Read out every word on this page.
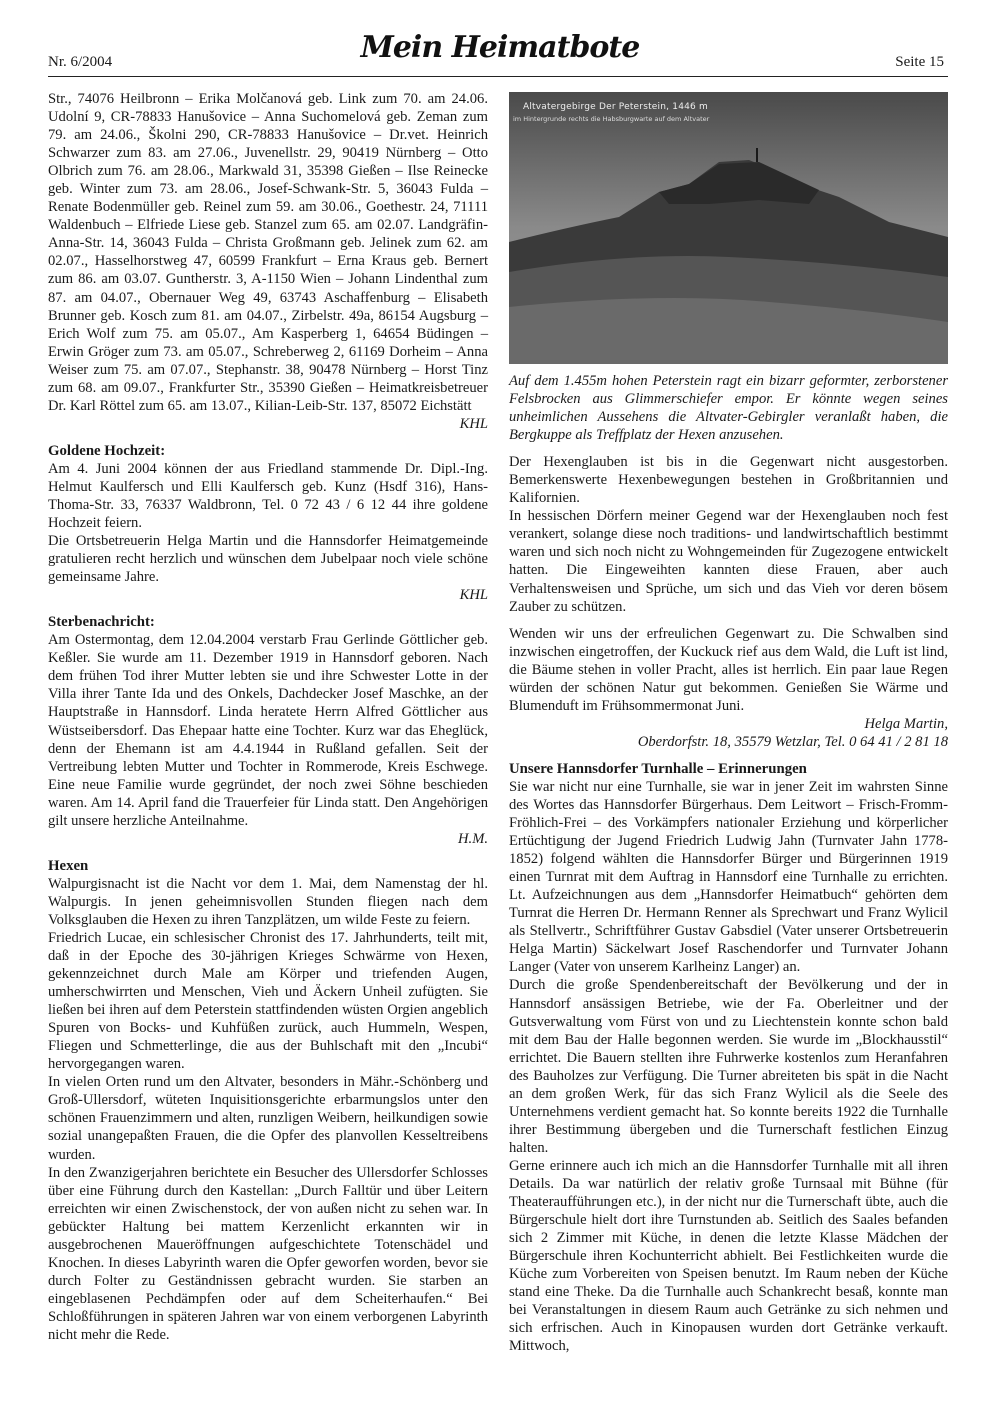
Nr. 6/2004	Mein Heimatbote	Seite 15

Str., 74076 Heilbronn – Erika Molčanová geb. Link zum 70. am 24.06. Udolní 9, CR-78833 Hanušovice – Anna Suchomelová geb. Zeman zum 79. am 24.06., Školni 290, CR-78833 Hanušovice – Dr.vet. Heinrich Schwarzer zum 83. am 27.06., Juvenellstr. 29, 90419 Nürnberg – Otto Olbrich zum 76. am 28.06., Markwald 31, 35398 Gießen – Ilse Reinecke geb. Winter zum 73. am 28.06., Josef-Schwank-Str. 5, 36043 Fulda – Renate Bodenmüller geb. Reinel zum 59. am 30.06., Goethestr. 24, 71111 Waldenbuch – Elfriede Liese geb. Stanzel zum 65. am 02.07. Landgräfin-Anna-Str. 14, 36043 Fulda – Christa Großmann geb. Jelinek zum 62. am 02.07., Hasselhorstweg 47, 60599 Frankfurt – Erna Kraus geb. Bernert zum 86. am 03.07. Guntherstr. 3, A-1150 Wien – Johann Lindenthal zum 87. am 04.07., Obernauer Weg 49, 63743 Aschaffenburg – Elisabeth Brunner geb. Kosch zum 81. am 04.07., Zirbelstr. 49a, 86154 Augsburg – Erich Wolf zum 75. am 05.07., Am Kasperberg 1, 64654 Büdingen – Erwin Gröger zum 73. am 05.07., Schreberweg 2, 61169 Dorheim – Anna Weiser zum 75. am 07.07., Stephanstr. 38, 90478 Nürnberg – Horst Tinz zum 68. am 09.07., Frankfurter Str., 35390 Gießen – Heimatkreisbetreuer Dr. Karl Röttel zum 65. am 13.07., Kilian-Leib-Str. 137, 85072 Eichstätt

KHL

Goldene Hochzeit:

Am 4. Juni 2004 können der aus Friedland stammende Dr. Dipl.-Ing. Helmut Kaulfersch und Elli Kaulfersch geb. Kunz (Hsdf 316), Hans-Thoma-Str. 33, 76337 Waldbronn, Tel. 0 72 43 / 6 12 44 ihre goldene Hochzeit feiern.

Die Ortsbetreuerin Helga Martin und die Hannsdorfer Heimatgemeinde gratulieren recht herzlich und wünschen dem Jubelpaar noch viele schöne gemeinsame Jahre.

KHL

Sterbenachricht:

Am Ostermontag, dem 12.04.2004 verstarb Frau Gerlinde Göttlicher geb. Keßler. Sie wurde am 11. Dezember 1919 in Hannsdorf geboren. Nach dem frühen Tod ihrer Mutter lebten sie und ihre Schwester Lotte in der Villa ihrer Tante Ida und des Onkels, Dachdecker Josef Maschke, an der Hauptstraße in Hannsdorf. Linda heratete Herrn Alfred Göttlicher aus Wüstseibersdorf. Das Ehepaar hatte eine Tochter. Kurz war das Eheglück, denn der Ehemann ist am 4.4.1944 in Rußland gefallen. Seit der Vertreibung lebten Mutter und Tochter in Rommerode, Kreis Eschwege. Eine neue Familie wurde gegründet, der noch zwei Söhne beschieden waren. Am 14. April fand die Trauerfeier für Linda statt. Den Angehörigen gilt unsere herzliche Anteilnahme.

H.M.

Hexen

Walpurgisnacht ist die Nacht vor dem 1. Mai, dem Namenstag der hl. Walpurgis. In jenen geheimnisvollen Stunden fliegen nach dem Volksglauben die Hexen zu ihren Tanzplätzen, um wilde Feste zu feiern.

Friedrich Lucae, ein schlesischer Chronist des 17. Jahrhunderts, teilt mit, daß in der Epoche des 30-jährigen Krieges Schwärme von Hexen, gekennzeichnet durch Male am Körper und triefenden Augen, umherschwirrten und Menschen, Vieh und Äckern Unheil zufügten. Sie ließen bei ihren auf dem Peterstein stattfindenden wüsten Orgien angeblich Spuren von Bocks- und Kuhfüßen zurück, auch Hummeln, Wespen, Fliegen und Schmetterlinge, die aus der Buhlschaft mit den „Incubi“ hervorgegangen waren.

In vielen Orten rund um den Altvater, besonders in Mähr.-Schönberg und Groß-Ullersdorf, wüteten Inquisitionsgerichte erbarmungslos unter den schönen Frauenzimmern und alten, runzligen Weibern, heilkundigen sowie sozial unangepaßten Frauen, die die Opfer des planvollen Kesseltreibens wurden.

In den Zwanzigerjahren berichtete ein Besucher des Ullersdorfer Schlosses über eine Führung durch den Kastellan: „Durch Falltür und über Leitern erreichten wir einen Zwischenstock, der von außen nicht zu sehen war. In gebückter Haltung bei mattem Kerzenlicht erkannten wir in ausgebrochenen Maueröffnungen aufgeschichtete Totenschädel und Knochen. In dieses Labyrinth waren die Opfer geworfen worden, bevor sie durch Folter zu Geständnissen gebracht wurden. Sie starben an eingeblasenen Pechdämpfen oder auf dem Scheiterhaufen.“ Bei Schloßführungen in späteren Jahren war von einem verborgenen Labyrinth nicht mehr die Rede.

Altvatergebirge Der Peterstein, 1446 m
im Hintergrunde rechts die Habsburgwarte auf dem Altvater

Auf dem 1.455m hohen Peterstein ragt ein bizarr geformter, zerborstener Felsbrocken aus Glimmerschiefer empor. Er könnte wegen seines unheimlichen Aussehens die Altvater-Gebirgler veranlaßt haben, die Bergkuppe als Treffplatz der Hexen anzusehen.

Der Hexenglauben ist bis in die Gegenwart nicht ausgestorben. Bemerkenswerte Hexenbewegungen bestehen in Großbritannien und Kalifornien.

In hessischen Dörfern meiner Gegend war der Hexenglauben noch fest verankert, solange diese noch traditions- und landwirtschaftlich bestimmt waren und sich noch nicht zu Wohngemeinden für Zugezogene entwickelt hatten. Die Eingeweihten kannten diese Frauen, aber auch Verhaltensweisen und Sprüche, um sich und das Vieh vor deren bösem Zauber zu schützen.

Wenden wir uns der erfreulichen Gegenwart zu. Die Schwalben sind inzwischen eingetroffen, der Kuckuck rief aus dem Wald, die Luft ist lind, die Bäume stehen in voller Pracht, alles ist herrlich. Ein paar laue Regen würden der schönen Natur gut bekommen. Genießen Sie Wärme und Blumenduft im Frühsommermonat Juni.

Helga Martin,

Oberdorfstr. 18, 35579 Wetzlar, Tel. 0 64 41 / 2 81 18

Unsere Hannsdorfer Turnhalle – Erinnerungen

Sie war nicht nur eine Turnhalle, sie war in jener Zeit im wahrsten Sinne des Wortes das Hannsdorfer Bürgerhaus. Dem Leitwort – Frisch-Fromm-Fröhlich-Frei – des Vorkämpfers nationaler Erziehung und körperlicher Ertüchtigung der Jugend Friedrich Ludwig Jahn (Turnvater Jahn 1778-1852) folgend wählten die Hannsdorfer Bürger und Bürgerinnen 1919 einen Turnrat mit dem Auftrag in Hannsdorf eine Turnhalle zu errichten. Lt. Aufzeichnungen aus dem „Hannsdorfer Heimatbuch“ gehörten dem Turnrat die Herren Dr. Hermann Renner als Sprechwart und Franz Wylicil als Stellvertr., Schriftführer Gustav Gabsdiel (Vater unserer Ortsbetreuerin Helga Martin) Säckelwart Josef Raschendorfer und Turnvater Johann Langer (Vater von unserem Karlheinz Langer) an.

Durch die große Spendenbereitschaft der Bevölkerung und der in Hannsdorf ansässigen Betriebe, wie der Fa. Oberleitner und der Gutsverwaltung vom Fürst von und zu Liechtenstein konnte schon bald mit dem Bau der Halle begonnen werden. Sie wurde im „Blockhausstil“ errichtet. Die Bauern stellten ihre Fuhrwerke kostenlos zum Heranfahren des Bauholzes zur Verfügung. Die Turner abreiteten bis spät in die Nacht an dem großen Werk, für das sich Franz Wylicil als die Seele des Unternehmens verdient gemacht hat. So konnte bereits 1922 die Turnhalle ihrer Bestimmung übergeben und die Turnerschaft festlichen Einzug halten.

Gerne erinnere auch ich mich an die Hannsdorfer Turnhalle mit all ihren Details. Da war natürlich der relativ große Turnsaal mit Bühne (für Theateraufführungen etc.), in der nicht nur die Turnerschaft übte, auch die Bürgerschule hielt dort ihre Turnstunden ab. Seitlich des Saales befanden sich 2 Zimmer mit Küche, in denen die letzte Klasse Mädchen der Bürgerschule ihren Kochunterricht abhielt. Bei Festlichkeiten wurde die Küche zum Vorbereiten von Speisen benutzt. Im Raum neben der Küche stand eine Theke. Da die Turnhalle auch Schankrecht besaß, konnte man bei Veranstaltungen in diesem Raum auch Getränke zu sich nehmen und sich erfrischen. Auch in Kinopausen wurden dort Getränke verkauft. Mittwoch,
